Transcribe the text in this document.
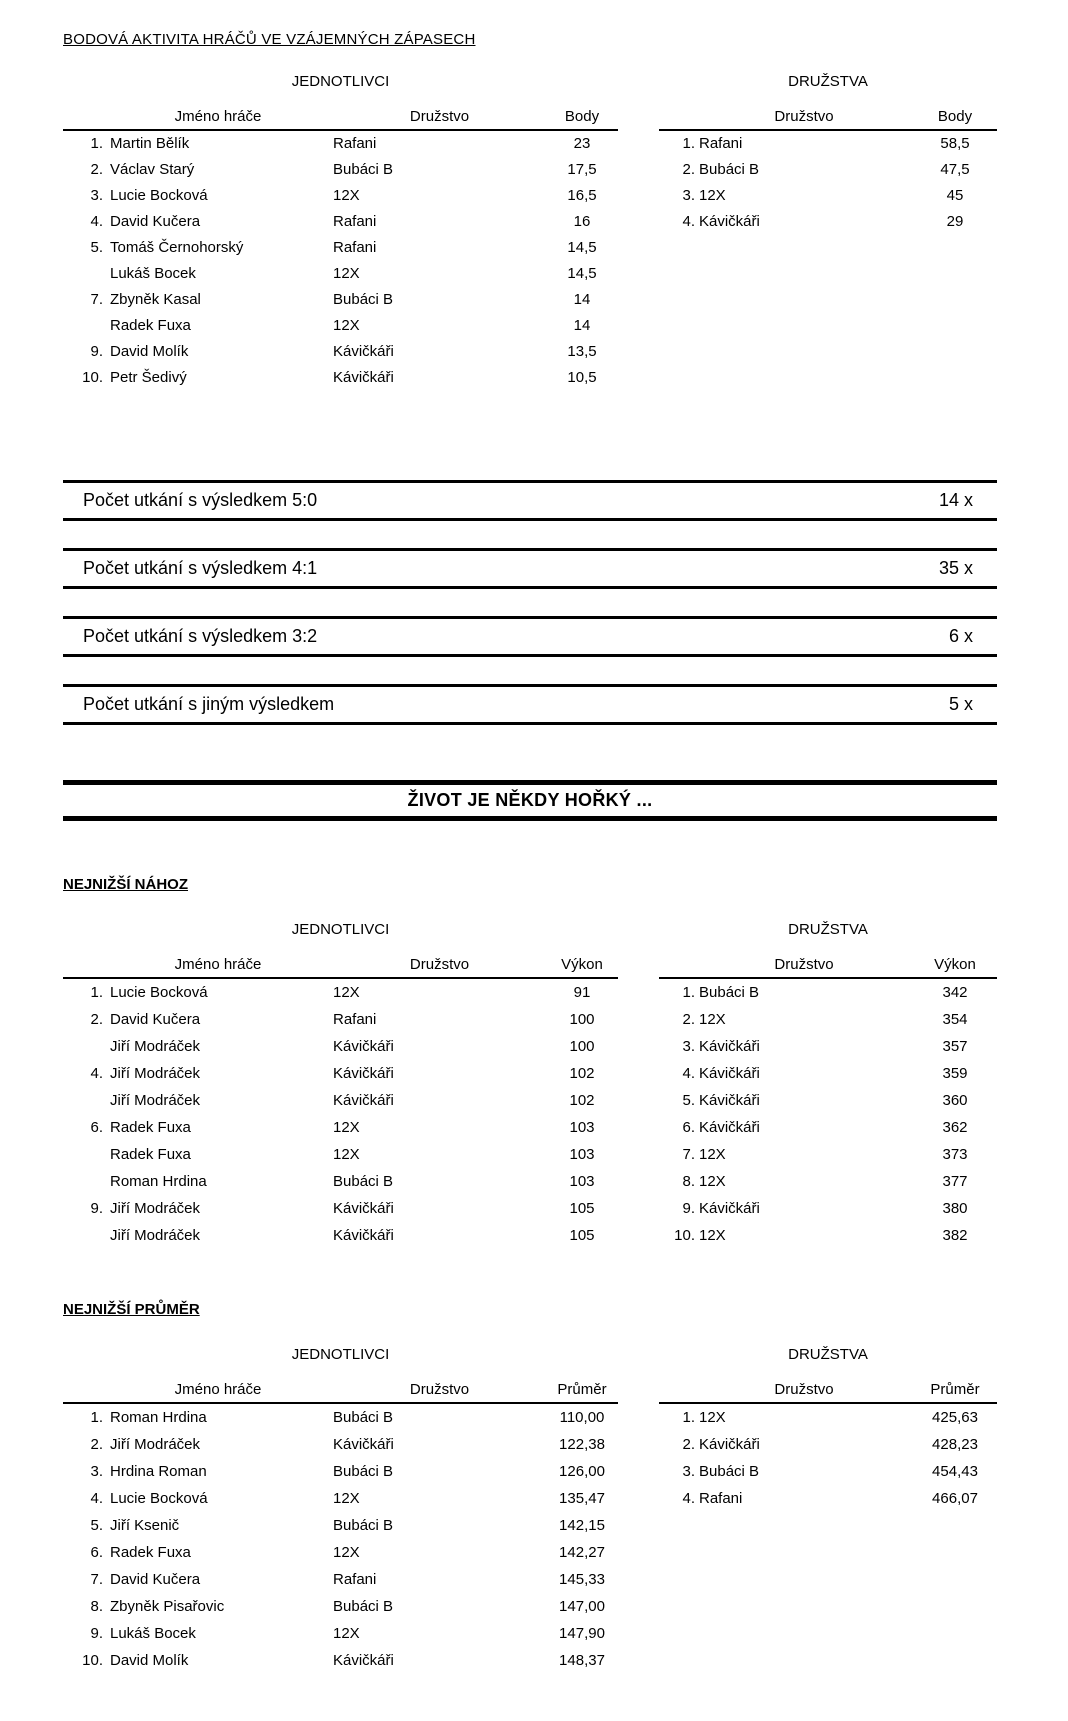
BODOVÁ AKTIVITA HRÁČŮ VE VZÁJEMNÝCH ZÁPASECH
JEDNOTLIVCI
Jméno hráče	Družstvo	Body
1. Martin Bělík	Rafani	23
2. Václav Starý	Bubáci B	17,5
3. Lucie Bocková	12X	16,5
4. David Kučera	Rafani	16
5. Tomáš Černohorský	Rafani	14,5
Lukáš Bocek	12X	14,5
7. Zbyněk Kasal	Bubáci B	14
Radek Fuxa	12X	14
9. David Molík	Kávičkáři	13,5
10. Petr Šedivý	Kávičkáři	10,5
DRUŽSTVA
Družstvo	Body
1. Rafani	58,5
2. Bubáci B	47,5
3. 12X	45
4. Kávičkáři	29
Počet utkání s výsledkem 5:0	14 x
Počet utkání s výsledkem 4:1	35 x
Počet utkání s výsledkem 3:2	6 x
Počet utkání s jiným výsledkem	5 x
ŽIVOT JE NĚKDY HOŘKÝ ...
NEJNIŽŠÍ NÁHOZ
JEDNOTLIVCI
Jméno hráče	Družstvo	Výkon
1. Lucie Bocková	12X	91
2. David Kučera	Rafani	100
Jiří Modráček	Kávičkáři	100
4. Jiří Modráček	Kávičkáři	102
Jiří Modráček	Kávičkáři	102
6. Radek Fuxa	12X	103
Radek Fuxa	12X	103
Roman Hrdina	Bubáci B	103
9. Jiří Modráček	Kávičkáři	105
Jiří Modráček	Kávičkáři	105
DRUŽSTVA
Družstvo	Výkon
1. Bubáci B	342
2. 12X	354
3. Kávičkáři	357
4. Kávičkáři	359
5. Kávičkáři	360
6. Kávičkáři	362
7. 12X	373
8. 12X	377
9. Kávičkáři	380
10. 12X	382
NEJNIŽŠÍ PRŮMĚR
JEDNOTLIVCI
Jméno hráče	Družstvo	Průměr
1. Roman Hrdina	Bubáci B	110,00
2. Jiří Modráček	Kávičkáři	122,38
3. Hrdina Roman	Bubáci B	126,00
4. Lucie Bocková	12X	135,47
5. Jiří Ksenič	Bubáci B	142,15
6. Radek Fuxa	12X	142,27
7. David Kučera	Rafani	145,33
8. Zbyněk Pisařovic	Bubáci B	147,00
9. Lukáš Bocek	12X	147,90
10. David Molík	Kávičkáři	148,37
DRUŽSTVA
Družstvo	Průměr
1. 12X	425,63
2. Kávičkáři	428,23
3. Bubáci B	454,43
4. Rafani	466,07
